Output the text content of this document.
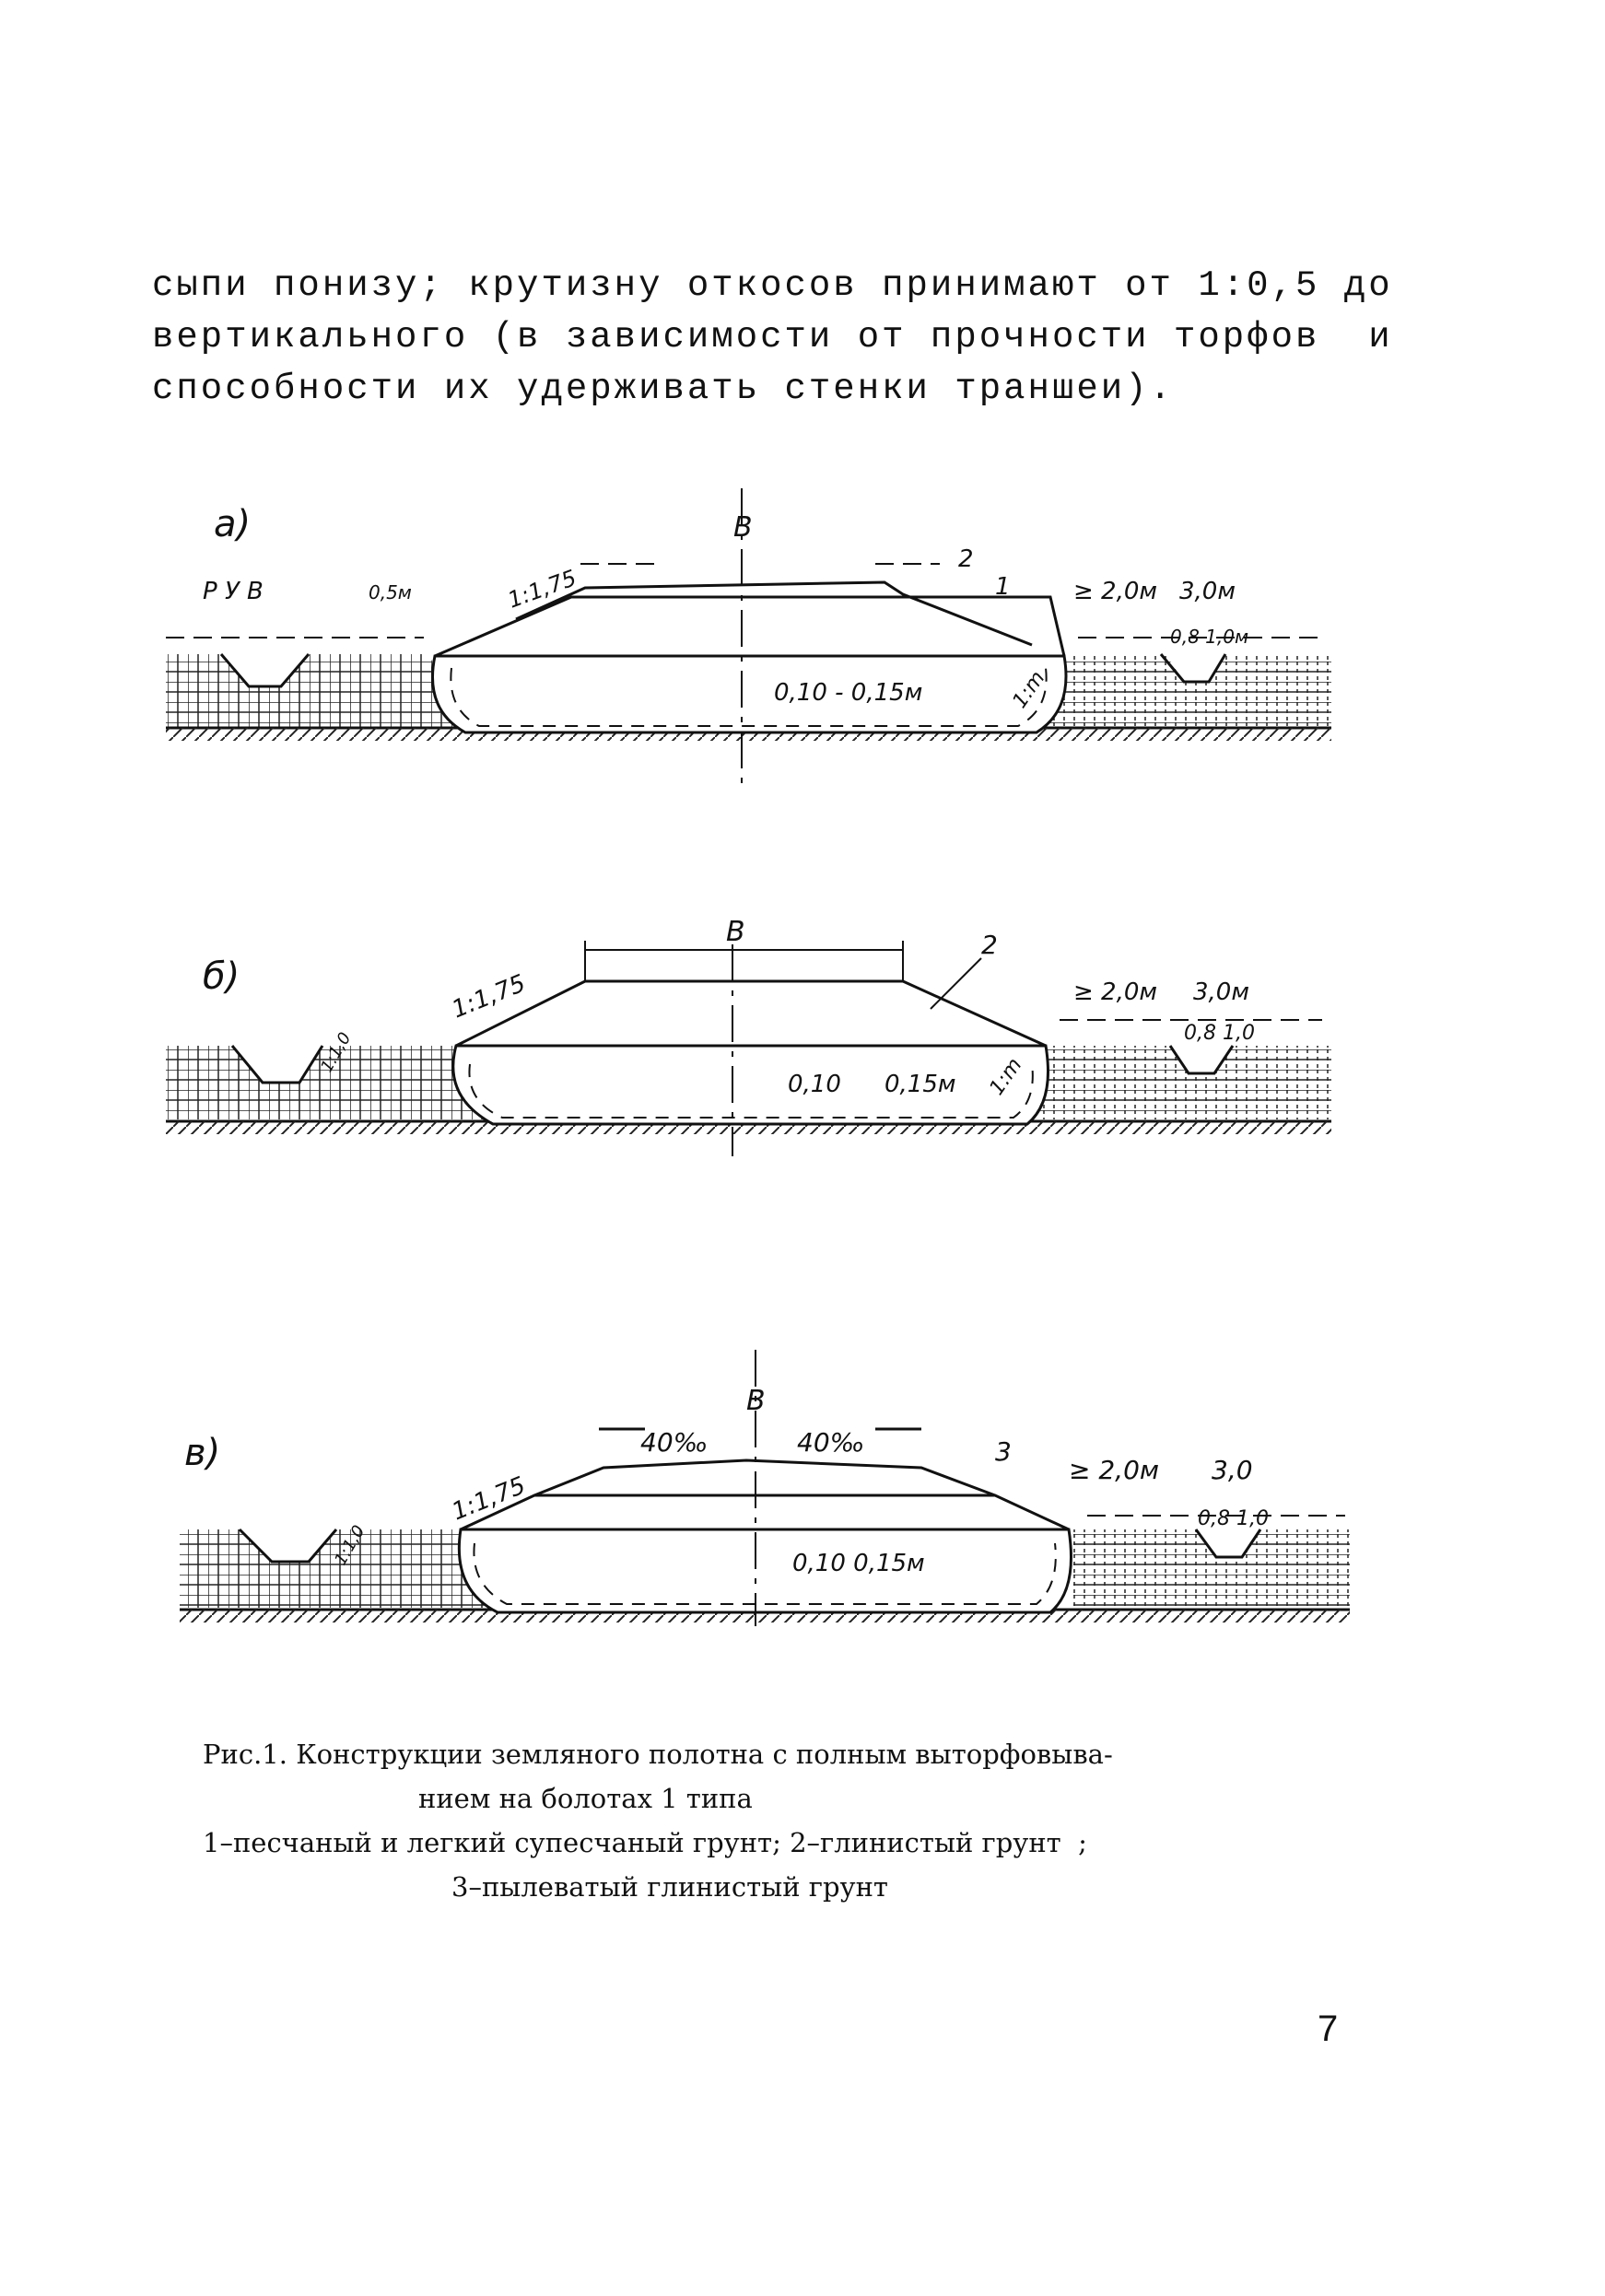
сыпи понизу; крутизну откосов принимают от 1:0,5 до
вертикального (в зависимости от прочности торфов  и
способности их удерживать стенки траншеи).
а)	В
2
1
Р У В	0,5м	1:1,75	≥ 2,0м 3,0м
0,8 1,0м
0,10 - 0,15м	1:m
б)
В	2
1:1,75	≥ 2,0м 3,0м
0,8 1,0
0,10 0,15м
1:1,0
1:m
в)
В
40‰	40‰	3
1:1,75
≥ 2,0м 3,0
0,8 1,0
0,10 0,15м
1:1,0
Рис.1. Конструкции земляного полотна с полным выторфовыва-
нием на болотах 1 типа
1–песчаный и легкий супесчаный грунт; 2–глинистый грунт  ;
3–пылеватый глинистый грунт
7
